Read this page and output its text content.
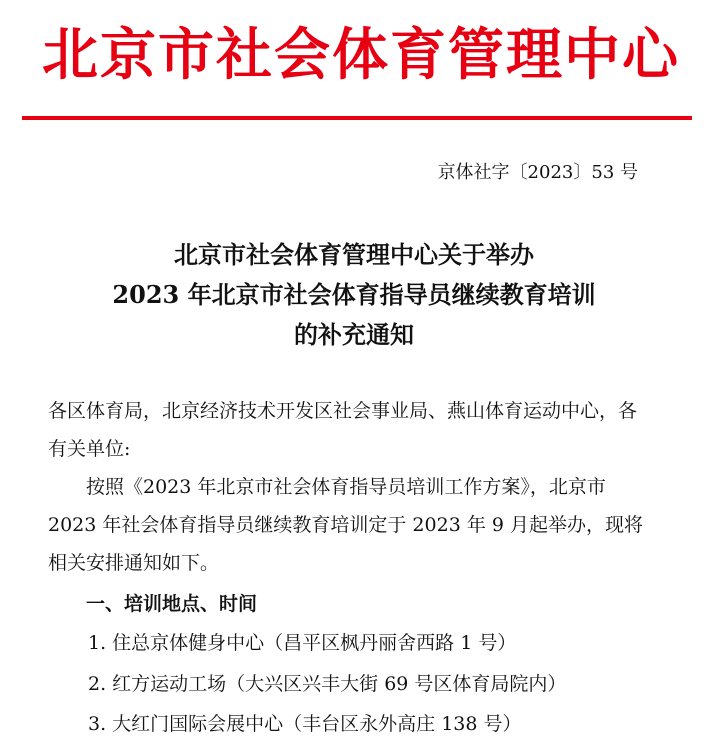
北京市社会体育管理中心
京体社字〔2023〕53 号
北京市社会体育管理中心关于举办
2023 年北京市社会体育指导员继续教育培训
的补充通知
各区体育局，北京经济技术开发区社会事业局、燕山体育运动中心，各有关单位:
按照《2023 年北京市社会体育指导员培训工作方案》，北京市 2023 年社会体育指导员继续教育培训定于 2023 年 9 月起举办，现将相关安排通知如下。
一、培训地点、时间
1. 住总京体健身中心（昌平区枫丹丽舍西路 1 号）
2. 红方运动工场（大兴区兴丰大街 69 号区体育局院内）
3. 大红门国际会展中心（丰台区永外高庄 138 号）
